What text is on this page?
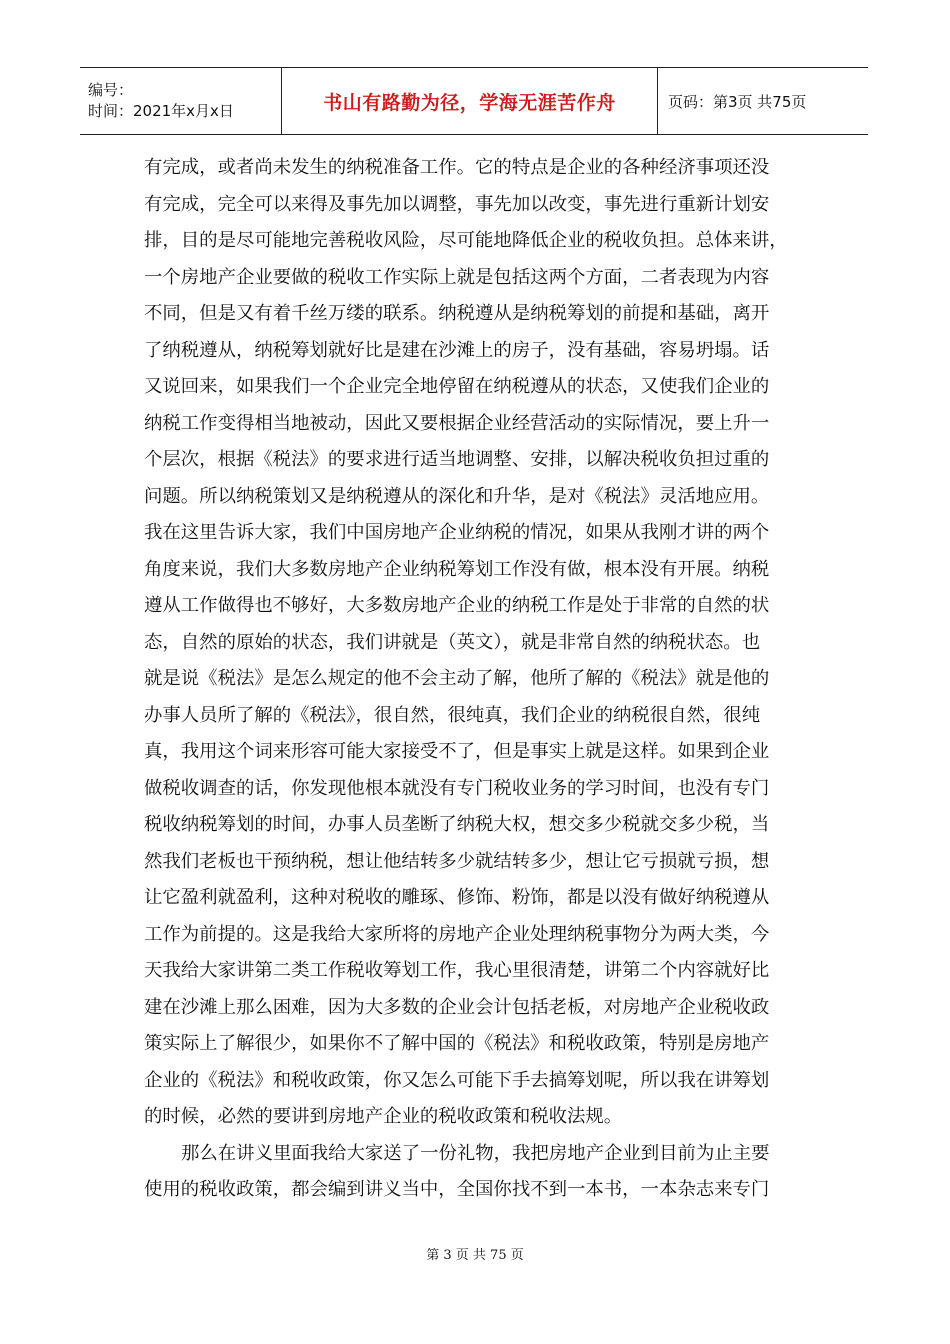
编号：
时间：2021年x月x日	书山有路勤为径，学海无涯苦作舟	页码：第3页 共75页
有完成，或者尚未发生的纳税准备工作。它的特点是企业的各种经济事项还没
有完成，完全可以来得及事先加以调整，事先加以改变，事先进行重新计划安
排，目的是尽可能地完善税收风险，尽可能地降低企业的税收负担。总体来讲，
一个房地产企业要做的税收工作实际上就是包括这两个方面，二者表现为内容
不同，但是又有着千丝万缕的联系。纳税遵从是纳税筹划的前提和基础，离开
了纳税遵从，纳税筹划就好比是建在沙滩上的房子，没有基础，容易坍塌。话
又说回来，如果我们一个企业完全地停留在纳税遵从的状态，又使我们企业的
纳税工作变得相当地被动，因此又要根据企业经营活动的实际情况，要上升一
个层次，根据《税法》的要求进行适当地调整、安排，以解决税收负担过重的
问题。所以纳税策划又是纳税遵从的深化和升华，是对《税法》灵活地应用。
我在这里告诉大家，我们中国房地产企业纳税的情况，如果从我刚才讲的两个
角度来说，我们大多数房地产企业纳税筹划工作没有做，根本没有开展。纳税
遵从工作做得也不够好，大多数房地产企业的纳税工作是处于非常的自然的状
态，自然的原始的状态，我们讲就是（英文），就是非常自然的纳税状态。也
就是说《税法》是怎么规定的他不会主动了解，他所了解的《税法》就是他的
办事人员所了解的《税法》，很自然，很纯真，我们企业的纳税很自然，很纯
真，我用这个词来形容可能大家接受不了，但是事实上就是这样。如果到企业
做税收调查的话，你发现他根本就没有专门税收业务的学习时间，也没有专门
税收纳税筹划的时间，办事人员垄断了纳税大权，想交多少税就交多少税，当
然我们老板也干预纳税，想让他结转多少就结转多少，想让它亏损就亏损，想
让它盈利就盈利，这种对税收的雕琢、修饰、粉饰，都是以没有做好纳税遵从
工作为前提的。这是我给大家所将的房地产企业处理纳税事物分为两大类，今
天我给大家讲第二类工作税收筹划工作，我心里很清楚，讲第二个内容就好比
建在沙滩上那么困难，因为大多数的企业会计包括老板，对房地产企业税收政
策实际上了解很少，如果你不了解中国的《税法》和税收政策，特别是房地产
企业的《税法》和税收政策，你又怎么可能下手去搞筹划呢，所以我在讲筹划
的时候，必然的要讲到房地产企业的税收政策和税收法规。
那么在讲义里面我给大家送了一份礼物，我把房地产企业到目前为止主要
使用的税收政策，都会编到讲义当中，全国你找不到一本书，一本杂志来专门
第 3 页 共 75 页
